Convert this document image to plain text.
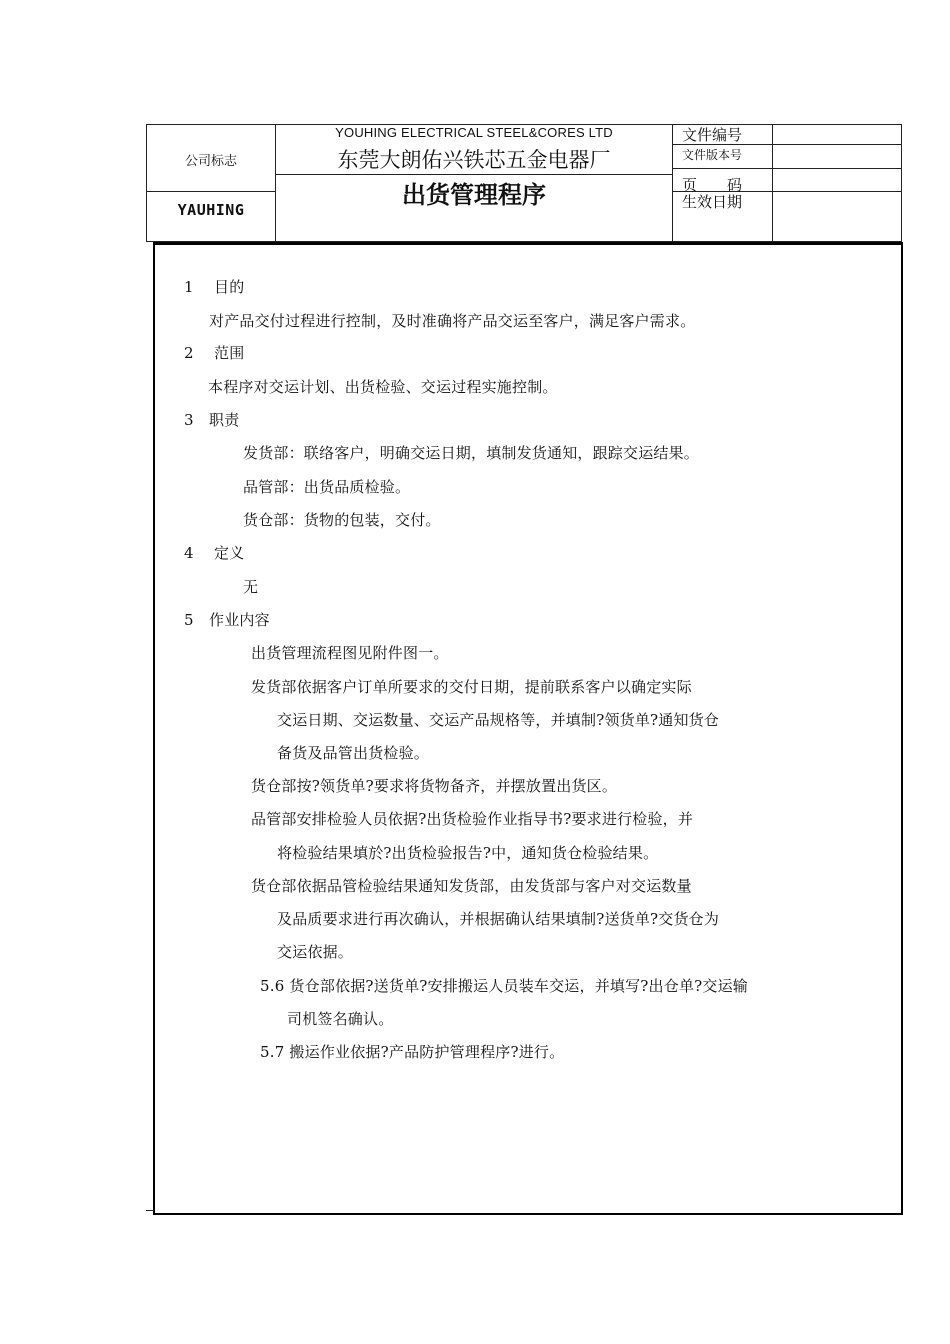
公司标志
YAUHING
YOUHING ELECTRICAL STEEL&CORES LTD
东莞大朗佑兴铁芯五金电器厂
出货管理程序
文件编号
文件版本号
页　　码
生效日期
1 目的
对产品交付过程进行控制，及时准确将产品交运至客户，满足客户需求。
2 范围
本程序对交运计划、出货检验、交运过程实施控制。
3 职责
发货部：联络客户，明确交运日期，填制发货通知，跟踪交运结果。
品管部：出货品质检验。
货仓部：货物的包装，交付。
4 定义
无
5 作业内容
出货管理流程图见附件图一。
发货部依据客户订单所要求的交付日期，提前联系客户以确定实际
交运日期、交运数量、交运产品规格等，并填制?领货单?通知货仓
备货及品管出货检验。
货仓部按?领货单?要求将货物备齐，并摆放置出货区。
品管部安排检验人员依据?出货检验作业指导书?要求进行检验，并
将检验结果填於?出货检验报告?中，通知货仓检验结果。
货仓部依据品管检验结果通知发货部，由发货部与客户对交运数量
及品质要求进行再次确认，并根据确认结果填制?送货单?交货仓为
交运依据。
5.6 货仓部依据?送货单?安排搬运人员装车交运，并填写?出仓单?交运输
司机签名确认。
5.7 搬运作业依据?产品防护管理程序?进行。
